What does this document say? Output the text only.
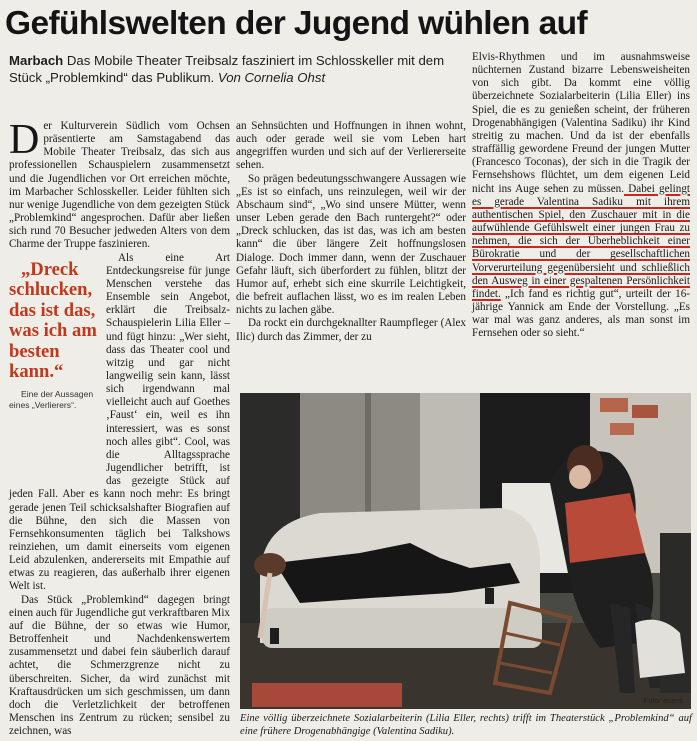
Gefühlswelten der Jugend wühlen auf

Marbach Das Mobile Theater Treibsalz fasziniert im Schlosskeller mit dem Stück „Problemkind“ das Publikum. Von Cornelia Ohst

Der Kulturverein Südlich vom Ochsen präsentierte am Samstagabend das Mobile Theater Treibsalz, das sich aus professionellen Schauspielern zusammensetzt und die Jugendlichen vor Ort erreichen möchte, im Marbacher Schlosskeller. Leider fühlten sich nur wenige Jugendliche von dem gezeigten Stück „Problemkind“ angesprochen. Dafür aber ließen sich rund 70 Besucher jedweden Alters von dem Charme der Truppe faszinieren.

„Dreck schlucken, das ist das, was ich am besten kann.“
Eine der Aussagen eines „Verlierers“.
Als eine Art Entdeckungsreise für junge Menschen verstehe das Ensemble sein Angebot, erklärt die Treibsalz-Schauspielerin Lilia Eller – und fügt hinzu: „Wer sieht, dass das Theater cool und witzig und gar nicht langweilig sein kann, lässt sich irgendwann mal vielleicht auch auf Goethes ‚Faust‘ ein, weil es ihn interessiert, was es sonst noch alles gibt“. Cool, was die Alltagssprache Jugendlicher betrifft, ist das gezeigte Stück auf jeden Fall. Aber es kann noch mehr: Es bringt gerade jenen Teil schicksalshafter Biografien auf die Bühne, den sich die Massen von Fernsehkonsumenten täglich bei Talkshows reinziehen, um damit einerseits vom eigenen Leid abzulenken, andererseits mit Empathie auf etwas zu reagieren, das außerhalb ihrer eigenen Welt ist.

Das Stück „Problemkind“ dagegen bringt einen auch für Jugendliche gut verkraftbaren Mix auf die Bühne, der so etwas wie Humor, Betroffenheit und Nachdenkenswertem zusammensetzt und dabei fein säuberlich darauf achtet, die Schmerzgrenze nicht zu überschreiten. Sicher, da wird zunächst mit Kraftausdrücken um sich geschmissen, um dann doch die Verletzlichkeit der betroffenen Menschen ins Zentrum zu rücken; sensibel zu zeichnen, was

an Sehnsüchten und Hoffnungen in ihnen wohnt, auch oder gerade weil sie vom Leben hart angegriffen wurden und sich auf der Verliererseite sehen.

So prägen bedeutungsschwangere Aussagen wie „Es ist so einfach, uns reinzulegen, weil wir der Abschaum sind“, „Wo sind unsere Mütter, wenn unser Leben gerade den Bach runtergeht?“ oder „Dreck schlucken, das ist das, was ich am besten kann“ die über längere Zeit hoffnungslosen Dialoge. Doch immer dann, wenn der Zuschauer Gefahr läuft, sich überfordert zu fühlen, blitzt der Humor auf, erhebt sich eine skurrile Leichtigkeit, die befreit auflachen lässt, wo es im realen Leben nichts zu lachen gäbe.

Da rockt ein durchgeknallter Raumpfleger (Alex Ilic) durch das Zimmer, der zu

Elvis-Rhythmen und im ausnahmsweise nüchternen Zustand bizarre Lebensweisheiten von sich gibt. Da kommt eine völlig überzeichnete Sozialarbeiterin (Lilia Eller) ins Spiel, die es zu genießen scheint, der früheren Drogenabhängigen (Valentina Sadiku) ihr Kind streitig zu machen. Und da ist der ebenfalls straffällig gewordene Freund der jungen Mutter (Francesco Toconas), der sich in die Tragik der Fernsehshows flüchtet, um dem eigenen Leid nicht ins Auge sehen zu müssen. Dabei gelingt es gerade Valentina Sadiku mit ihrem authentischen Spiel, den Zuschauer mit in die aufwühlende Gefühlswelt einer jungen Frau zu nehmen, die sich der Überheblichkeit einer Bürokratie und der gesellschaftlichen Vorverurteilung gegenübersieht und schließlich den Ausweg in einer gespaltenen Persönlichkeit findet. „Ich fand es richtig gut“, urteilt der 16-jährige Yannick am Ende der Vorstellung. „Es war mal was ganz anderes, als man sonst im Fernsehen oder so sieht.“

Foto: avanti

Eine völlig überzeichnete Sozialarbeiterin (Lilia Eller, rechts) trifft im Theaterstück „Problemkind“ auf eine frühere Drogenabhängige (Valentina Sadiku).
